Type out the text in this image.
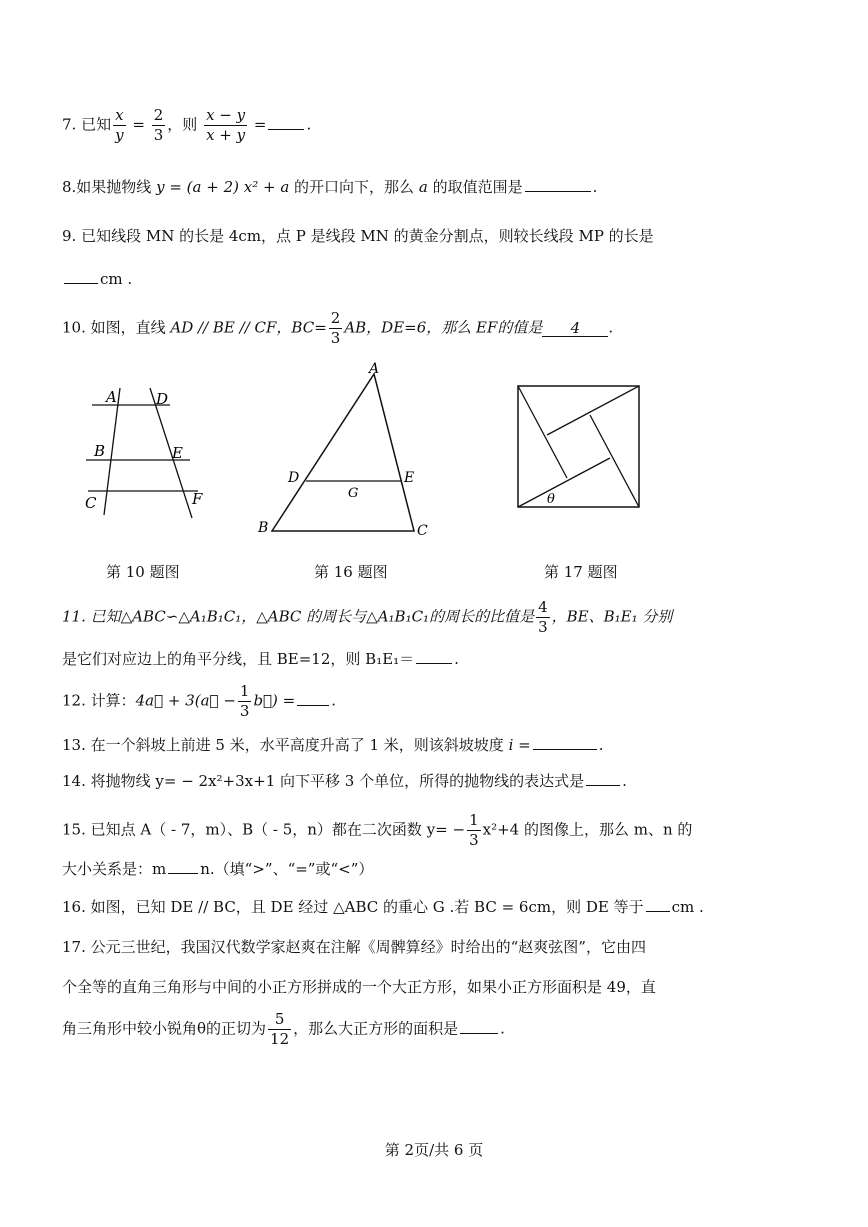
7. 已知 $\frac{x}{y} = \frac{2}{3}$ ，则 $\frac{x - y}{x + y}$ =	.
8.如果抛物线 y = (a + 2) x² + a 的开口向下，那么 a 的取值范围是	.
9. 已知线段 MN 的长是 4cm，点 P 是线段 MN 的黄金分割点，则较长线段 MP 的长是
cm .
10. 如图，直线 AD // BE // CF，$BC= \frac{2}{3}$ AB，DE=6，那么 EF的值是 4 .
A	D
B	E
C	F
第 10 题图
A
D	E
G
B	C
第 16 题图
θ
第 17 题图
11. 已知△ABC∽△A₁B₁C₁，△ABC 的周长与△A₁B₁C₁的周长的比值是 $\frac{4}{3}$ ，BE、B₁E₁ 分别
是它们对应边上的角平分线，且 BE=12，则 B₁E₁＝	.
12. 计算：4a⃗ + 3(a⃗ − $\frac{1}{3}$ b⃗) = .
13. 在一个斜坡上前进 5 米，水平高度升高了 1 米，则该斜坡坡度 i =	.
14. 将抛物线 y= − 2x²+3x+1 向下平移 3 个单位，所得的抛物线的表达式是	.
15. 已知点 A（ - 7，m）、B（ - 5，n）都在二次函数 $y= - \frac{1}{3} x^2+4$ 的图像上，那么 m、n 的
大小关系是：m n.（填“>”、“=”或“<”）
16. 如图，已知 DE // BC，且 DE 经过 △ABC 的重心 G .若 BC = 6cm，则 DE 等于 cm .
17. 公元三世纪，我国汉代数学家赵爽在注解《周髀算经》时给出的“赵爽弦图”，它由四
个全等的直角三角形与中间的小正方形拼成的一个大正方形，如果小正方形面积是 49，直
角三角形中较小锐角θ的正切为 $\frac{5}{12}$ ，那么大正方形的面积是	.
第 2页/共 6 页
